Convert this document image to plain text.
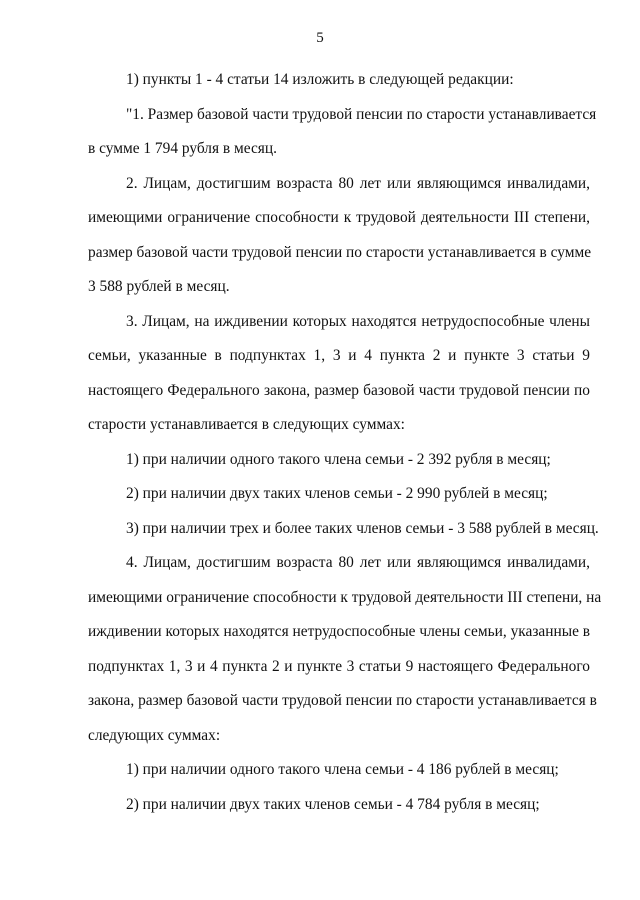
5
1) пункты 1 - 4 статьи 14 изложить в следующей редакции:
"1. Размер базовой части трудовой пенсии по старости устанавливается
в сумме 1 794 рубля в месяц.
2. Лицам, достигшим возраста 80 лет или являющимся инвалидами,
имеющими ограничение способности к трудовой деятельности III степени,
размер базовой части трудовой пенсии по старости устанавливается в сумме
3 588 рублей в месяц.
3. Лицам, на иждивении которых находятся нетрудоспособные члены
семьи, указанные в подпунктах 1, 3 и 4 пункта 2 и пункте 3 статьи 9
настоящего Федерального закона, размер базовой части трудовой пенсии по
старости устанавливается в следующих суммах:
1) при наличии одного такого члена семьи - 2 392 рубля в месяц;
2) при наличии двух таких членов семьи - 2 990 рублей в месяц;
3) при наличии трех и более таких членов семьи - 3 588 рублей в месяц.
4. Лицам, достигшим возраста 80 лет или являющимся инвалидами,
имеющими ограничение способности к трудовой деятельности III степени, на
иждивении которых находятся нетрудоспособные члены семьи, указанные в
подпунктах 1, 3 и 4 пункта 2 и пункте 3 статьи 9 настоящего Федерального
закона, размер базовой части трудовой пенсии по старости устанавливается в
следующих суммах:
1) при наличии одного такого члена семьи - 4 186 рублей в месяц;
2) при наличии двух таких членов семьи - 4 784 рубля в месяц;
